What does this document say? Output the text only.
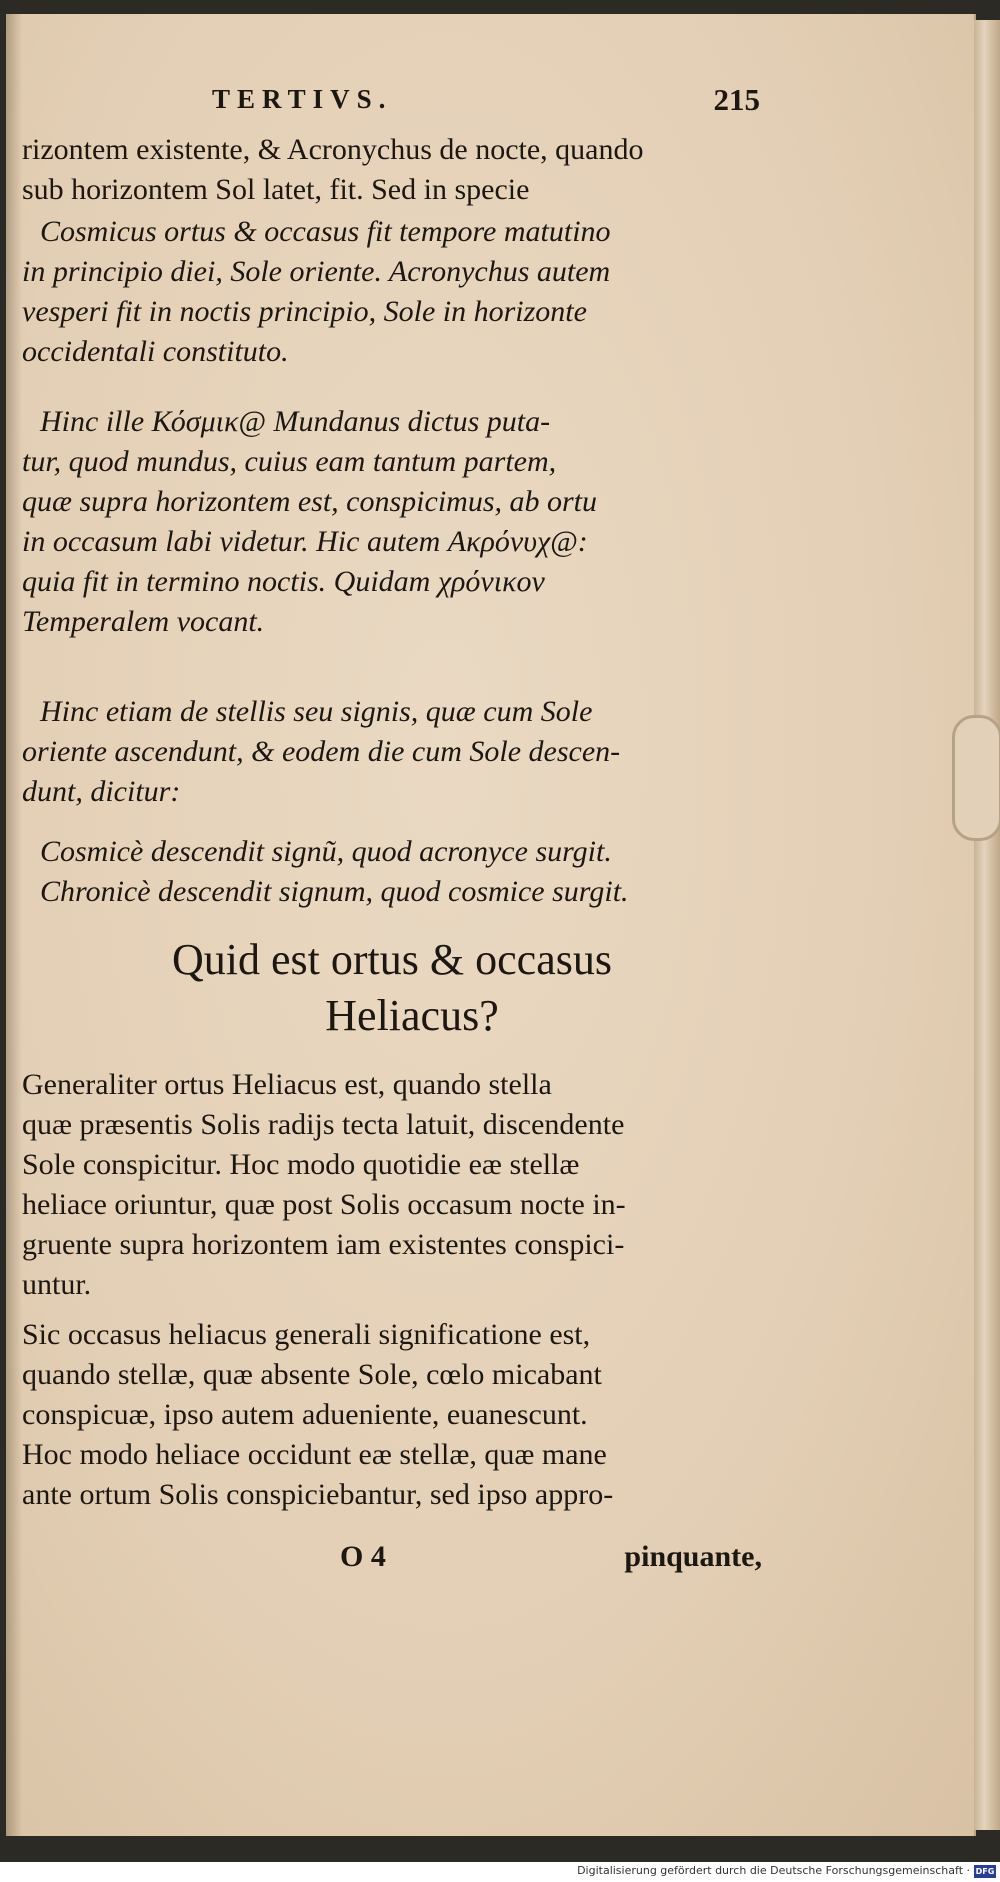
TERTIVS.	215
rizontem existente, & Acronychus de nocte, quando
sub horizontem Sol latet, fit. Sed in specie
Cosmicus ortus & occasus fit tempore matutino
in principio diei, Sole oriente. Acronychus autem
vesperi fit in noctis principio, Sole in horizonte
occidentali constituto.
Hinc ille Κόσμικ@ Mundanus dictus puta-
tur, quod mundus, cuius eam tantum partem,
quæ supra horizontem est, conspicimus, ab ortu
in occasum labi videtur. Hic autem Ακρόνυχ@:
quia fit in termino noctis. Quidam χρόνικον
Temperalem vocant.
Hinc etiam de stellis seu signis, quæ cum Sole
oriente ascendunt, & eodem die cum Sole descen-
dunt, dicitur:
Cosmicè descendit signũ, quod acronyce surgit.
Chronicè descendit signum, quod cosmice surgit.
Quid est ortus & occasus
Heliacus?
Generaliter ortus Heliacus est, quando stella
quæ præsentis Solis radijs tecta latuit, discendente
Sole conspicitur. Hoc modo quotidie eæ stellæ
heliace oriuntur, quæ post Solis occasum nocte in-
gruente supra horizontem iam existentes conspici-
untur.
Sic occasus heliacus generali significatione est,
quando stellæ, quæ absente Sole, cœlo micabant
conspicuæ, ipso autem adueniente, euanescunt.
Hoc modo heliace occidunt eæ stellæ, quæ mane
ante ortum Solis conspiciebantur, sed ipso appro-
O 4	pinquante,
Digitalisierung gefördert durch die Deutsche Forschungsgemeinschaft · DFG
